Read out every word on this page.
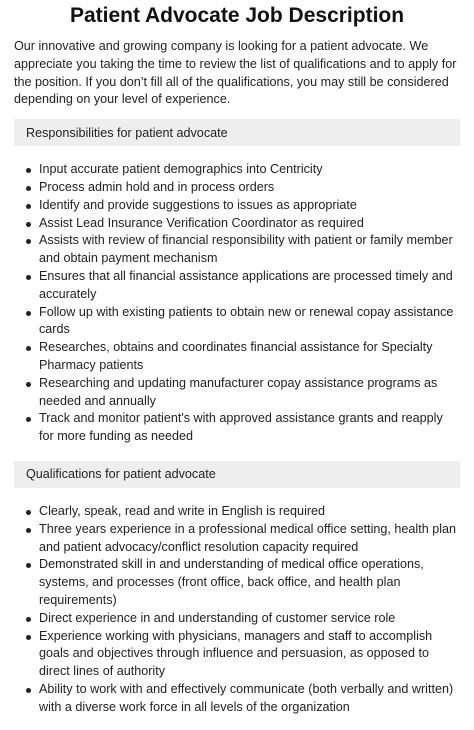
Patient Advocate Job Description

Our innovative and growing company is looking for a patient advocate. We appreciate you taking the time to review the list of qualifications and to apply for the position. If you don’t fill all of the qualifications, you may still be considered depending on your level of experience.

Responsibilities for patient advocate
Input accurate patient demographics into Centricity
Process admin hold and in process orders
Identify and provide suggestions to issues as appropriate
Assist Lead Insurance Verification Coordinator as required
Assists with review of financial responsibility with patient or family member and obtain payment mechanism
Ensures that all financial assistance applications are processed timely and accurately
Follow up with existing patients to obtain new or renewal copay assistance cards
Researches, obtains and coordinates financial assistance for Specialty Pharmacy patients
Researching and updating manufacturer copay assistance programs as needed and annually
Track and monitor patient's with approved assistance grants and reapply for more funding as needed
Qualifications for patient advocate
Clearly, speak, read and write in English is required
Three years experience in a professional medical office setting, health plan and patient advocacy/conflict resolution capacity required
Demonstrated skill in and understanding of medical office operations, systems, and processes (front office, back office, and health plan requirements)
Direct experience in and understanding of customer service role
Experience working with physicians, managers and staff to accomplish goals and objectives through influence and persuasion, as opposed to direct lines of authority
Ability to work with and effectively communicate (both verbally and written) with a diverse work force in all levels of the organization
